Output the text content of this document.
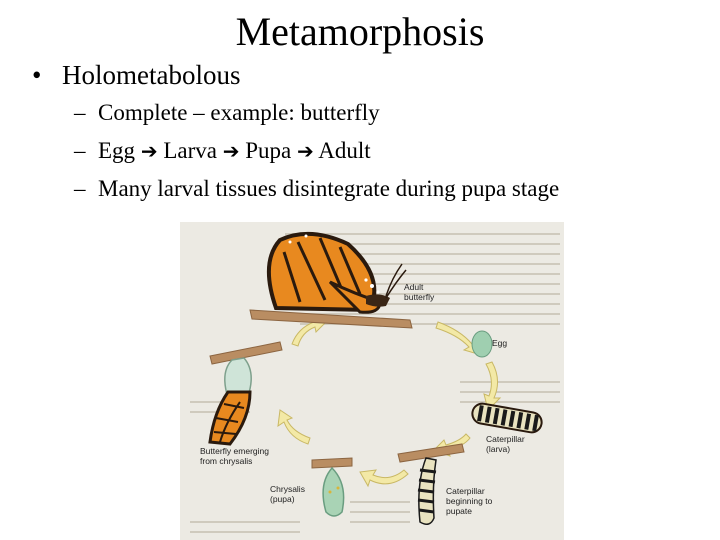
Metamorphosis
• Holometabolous
– Complete – example: butterfly
– Egg ➔ Larva ➔ Pupa ➔ Adult
– Many larval tissues disintegrate during pupa stage
Adult
butterfly
Egg
Caterpillar
(larva)
Caterpillar
beginning to
pupate
Chrysalis
(pupa)
Butterfly emerging
from chrysalis
